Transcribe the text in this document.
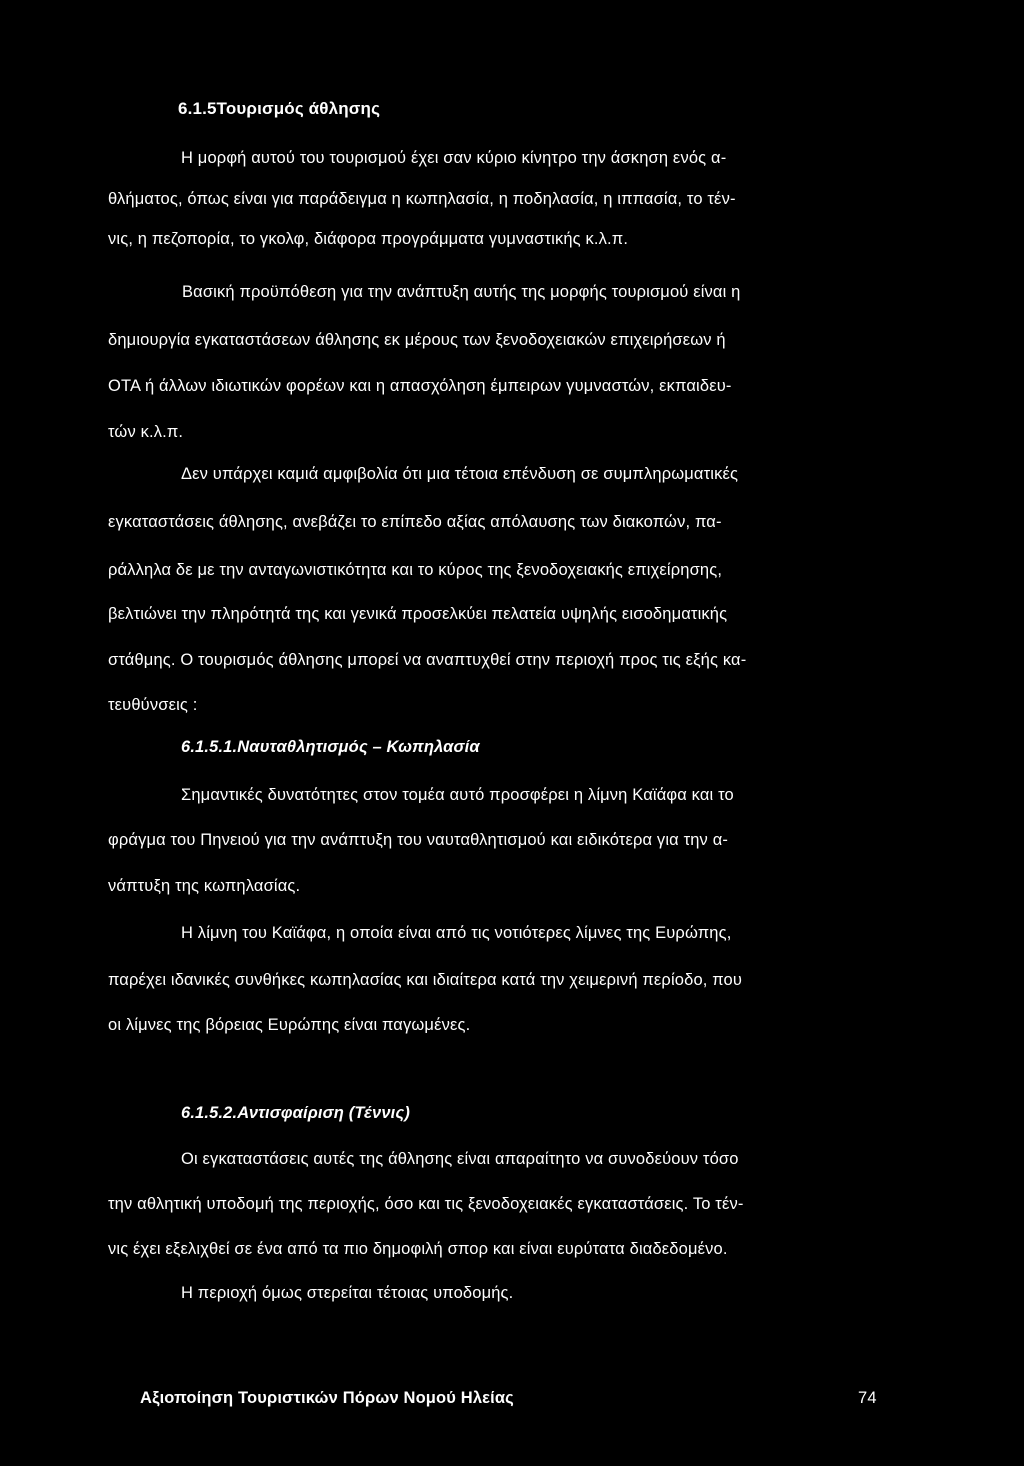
6.1.5Τουρισμός άθλησης
Η μορφή αυτού του τουρισμού έχει σαν κύριο κίνητρο την άσκηση ενός α-
θλήματος, όπως είναι για παράδειγμα η κωπηλασία, η ποδηλασία, η ιππασία, το τέν-
νις, η πεζοπορία, το γκολφ, διάφορα προγράμματα γυμναστικής κ.λ.π.
Βασική προϋπόθεση για την ανάπτυξη αυτής της μορφής τουρισμού είναι η
δημιουργία εγκαταστάσεων άθλησης εκ μέρους των ξενοδοχειακών επιχειρήσεων ή
ΟΤΑ ή άλλων ιδιωτικών φορέων και η απασχόληση έμπειρων γυμναστών, εκπαιδευ-
τών κ.λ.π.
Δεν υπάρχει καμιά αμφιβολία ότι μια τέτοια επένδυση σε συμπληρωματικές
εγκαταστάσεις άθλησης, ανεβάζει το επίπεδο αξίας απόλαυσης των διακοπών, πα-
ράλληλα δε με την ανταγωνιστικότητα και το κύρος της ξενοδοχειακής επιχείρησης,
βελτιώνει την πληρότητά της και γενικά προσελκύει πελατεία υψηλής εισοδηματικής
στάθμης. Ο τουρισμός άθλησης μπορεί να αναπτυχθεί στην περιοχή προς τις εξής κα-
τευθύνσεις :
6.1.5.1.Ναυταθλητισμός – Κωπηλασία
Σημαντικές δυνατότητες στον τομέα αυτό προσφέρει η λίμνη Καϊάφα και το
φράγμα του Πηνειού για την ανάπτυξη του ναυταθλητισμού και ειδικότερα για την α-
νάπτυξη της κωπηλασίας.
Η λίμνη του Καϊάφα, η οποία είναι από τις νοτιότερες λίμνες της Ευρώπης,
παρέχει ιδανικές συνθήκες κωπηλασίας και ιδιαίτερα κατά την χειμερινή περίοδο, που
οι λίμνες της βόρειας Ευρώπης είναι παγωμένες.
6.1.5.2.Αντισφαίριση (Τέννις)
Οι εγκαταστάσεις αυτές της άθλησης είναι απαραίτητο να συνοδεύουν τόσο
την αθλητική υποδομή της περιοχής, όσο και τις ξενοδοχειακές εγκαταστάσεις. Το τέν-
νις έχει εξελιχθεί σε ένα από τα πιο δημοφιλή σπορ και είναι ευρύτατα διαδεδομένο.
Η περιοχή όμως στερείται τέτοιας υποδομής.
Αξιοποίηση Τουριστικών Πόρων Νομού Ηλείας	74
